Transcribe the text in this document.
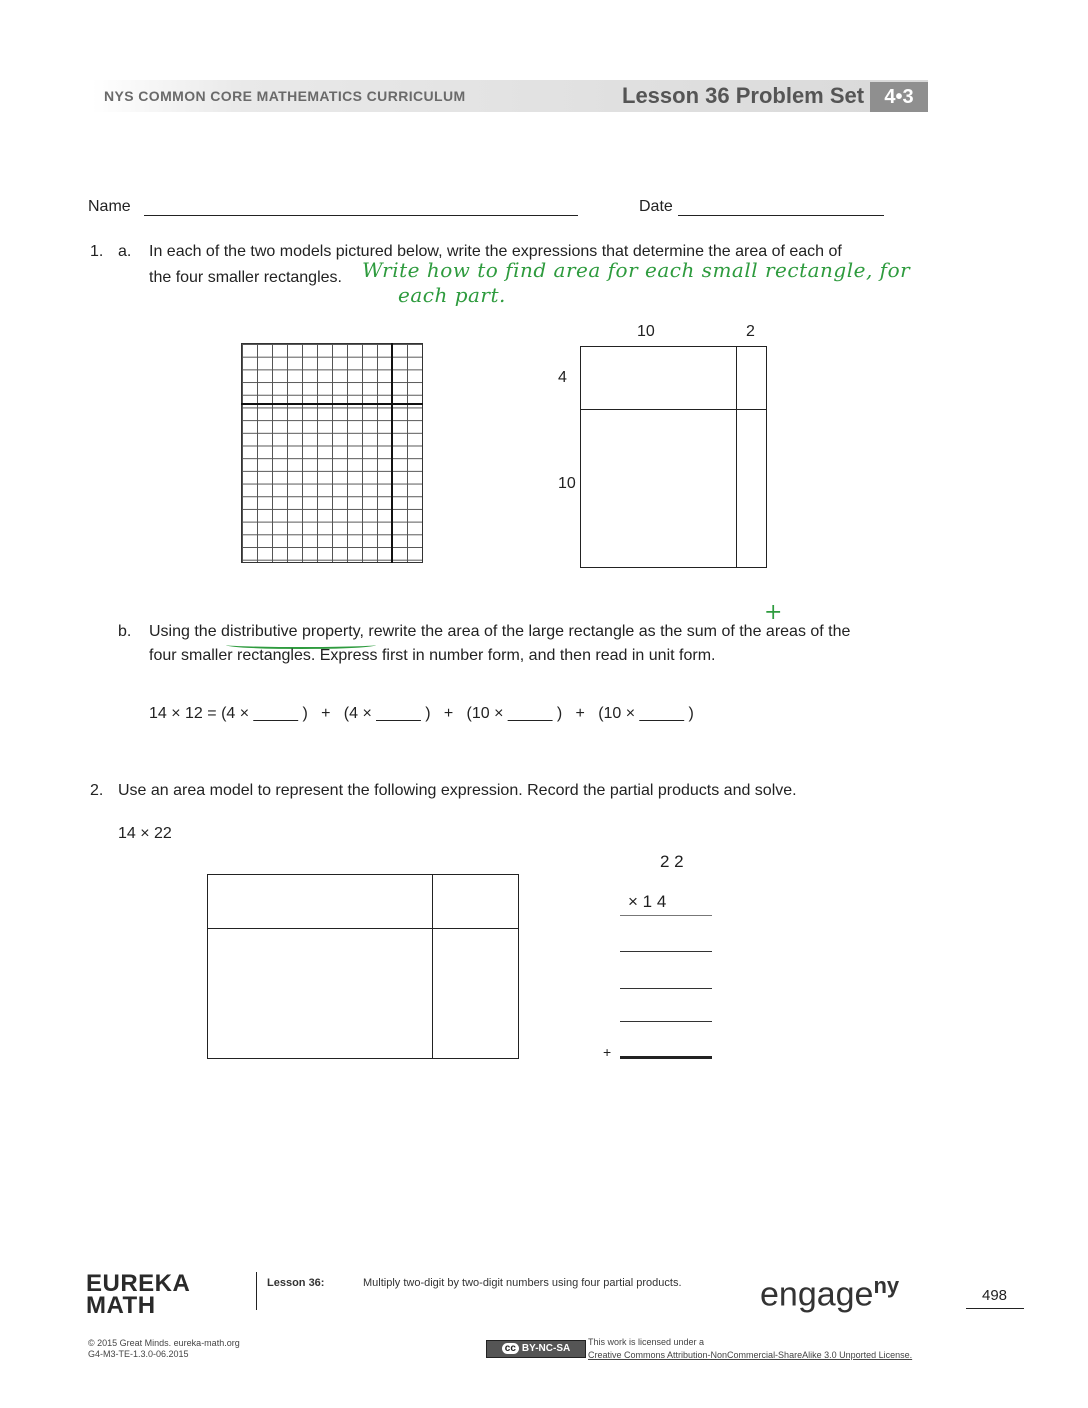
NYS COMMON CORE MATHEMATICS CURRICULUM	Lesson 36 Problem Set	4•3
Name	Date
1. a. In each of the two models pictured below, write the expressions that determine the area of each of
the four smaller rectangles. Write how to find area for each small rectangle, for
each part.
10	2
4
10
+
b. Using the distributive property, rewrite the area of the large rectangle as the sum of the areas of the
four smaller rectangles. Express first in number form, and then read in unit form.
14 × 12 = (4 × _____ )   +   (4 × _____ )   +   (10 × _____ )   +   (10 × _____ )
2. Use an area model to represent the following expression. Record the partial products and solve.
14 × 22
2 2
× 1 4
+
EUREKA
MATH
Lesson 36:	Multiply two-digit by two-digit numbers using four partial products. engage$^{ny}$	498
© 2015 Great Minds. eureka-math.org
G4-M3-TE-1.3.0-06.2015	cc BY-NC-SA
This work is licensed under a
Creative Commons Attribution-NonCommercial-ShareAlike 3.0 Unported License.
